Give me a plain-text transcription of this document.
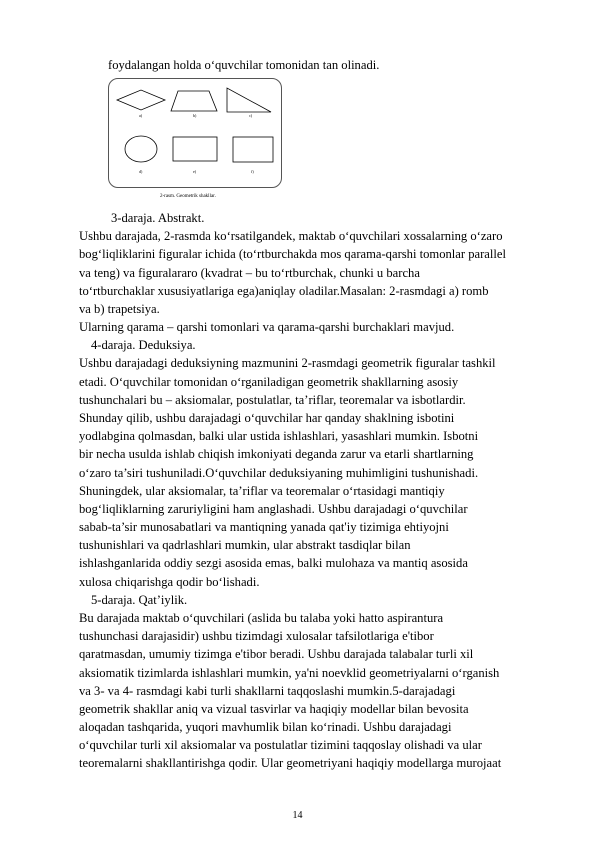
foydalangan holda o‘quvchilar tomonidan tan olinadi.

a)	b)	c)
d)	e)	f)
2-rasm. Geometrik shakllar.

3-daraja. Abstrakt.

Ushbu darajada, 2-rasmda ko‘rsatilgandek, maktab o‘quvchilari xossalarning o‘zaro

bog‘liqliklarini figuralar ichida (to‘rtburchakda mos qarama-qarshi tomonlar parallel

va teng) va figuralararo (kvadrat – bu to‘rtburchak, chunki u barcha

to‘rtburchaklar xususiyatlariga ega)aniqlay oladilar.Masalan: 2-rasmdagi a) romb

va b) trapetsiya.

Ularning qarama – qarshi tomonlari va qarama-qarshi burchaklari mavjud.

4-daraja. Deduksiya.

Ushbu darajadagi deduksiyning mazmunini 2-rasmdagi geometrik figuralar tashkil

etadi. O‘quvchilar tomonidan o‘rganiladigan geometrik shakllarning asosiy

tushunchalari bu – aksiomalar, postulatlar, ta’riflar, teoremalar va isbotlardir.

Shunday qilib, ushbu darajadagi o‘quvchilar har qanday shaklning isbotini

yodlabgina qolmasdan, balki ular ustida ishlashlari, yasashlari mumkin. Isbotni

bir necha usulda ishlab chiqish imkoniyati deganda zarur va etarli shartlarning

o‘zaro ta’siri tushuniladi.O‘quvchilar deduksiyaning muhimligini tushunishadi.

Shuningdek, ular aksiomalar, ta’riflar va teoremalar o‘rtasidagi mantiqiy

bog‘liqliklarning zaruriyligini ham anglashadi. Ushbu darajadagi o‘quvchilar

sabab-ta’sir munosabatlari va mantiqning yanada qat'iy tizimiga ehtiyojni

tushunishlari va qadrlashlari mumkin, ular abstrakt tasdiqlar bilan

ishlashganlarida oddiy sezgi asosida emas, balki mulohaza va mantiq asosida

xulosa chiqarishga qodir bo‘lishadi.

5-daraja. Qat’iylik.

Bu darajada maktab o‘quvchilari (aslida bu talaba yoki hatto aspirantura

tushunchasi darajasidir) ushbu tizimdagi xulosalar tafsilotlariga e'tibor

qaratmasdan, umumiy tizimga e'tibor beradi. Ushbu darajada talabalar turli xil

aksiomatik tizimlarda ishlashlari mumkin, ya'ni noevklid geometriyalarni o‘rganish

va 3- va 4- rasmdagi kabi turli shakllarni taqqoslashi mumkin.5-darajadagi

geometrik shakllar aniq va vizual tasvirlar va haqiqiy modellar bilan bevosita

aloqadan tashqarida, yuqori mavhumlik bilan ko‘rinadi. Ushbu darajadagi

o‘quvchilar turli xil aksiomalar va postulatlar tizimini taqqoslay olishadi va ular

teoremalarni shakllantirishga qodir. Ular geometriyani haqiqiy modellarga murojaat

14
